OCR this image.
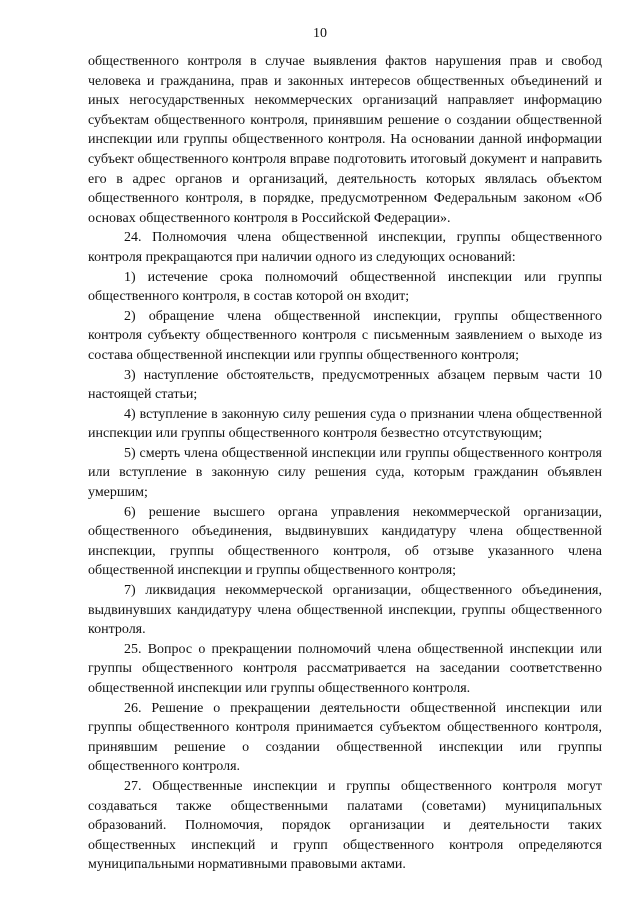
10

общественного контроля в случае выявления фактов нарушения прав и свобод человека и гражданина, прав и законных интересов общественных объединений и иных негосударственных некоммерческих организаций направляет информацию субъектам общественного контроля, принявшим решение о создании общественной инспекции или группы общественного контроля. На основании данной информации субъект общественного контроля вправе подготовить итоговый документ и направить его в адрес органов и организаций, деятельность которых являлась объектом общественного контроля, в порядке, предусмотренном Федеральным законом «Об основах общественного контроля в Российской Федерации».

24. Полномочия члена общественной инспекции, группы общественного контроля прекращаются при наличии одного из следующих оснований:

1) истечение срока полномочий общественной инспекции или группы общественного контроля, в состав которой он входит;

2) обращение члена общественной инспекции, группы общественного контроля субъекту общественного контроля с письменным заявлением о выходе из состава общественной инспекции или группы общественного контроля;

3) наступление обстоятельств, предусмотренных абзацем первым части 10 настоящей статьи;

4) вступление в законную силу решения суда о признании члена общественной инспекции или группы общественного контроля безвестно отсутствующим;

5) смерть члена общественной инспекции или группы общественного контроля или вступление в законную силу решения суда, которым гражданин объявлен умершим;

6) решение высшего органа управления некоммерческой организации, общественного объединения, выдвинувших кандидатуру члена общественной инспекции, группы общественного контроля, об отзыве указанного члена общественной инспекции и группы общественного контроля;

7) ликвидация некоммерческой организации, общественного объединения, выдвинувших кандидатуру члена общественной инспекции, группы общественного контроля.

25. Вопрос о прекращении полномочий члена общественной инспекции или группы общественного контроля рассматривается на заседании соответственно общественной инспекции или группы общественного контроля.

26. Решение о прекращении деятельности общественной инспекции или группы общественного контроля принимается субъектом общественного контроля, принявшим решение о создании общественной инспекции или группы общественного контроля.

27. Общественные инспекции и группы общественного контроля могут создаваться также общественными палатами (советами) муниципальных образований. Полномочия, порядок организации и деятельности таких общественных инспекций и групп общественного контроля определяются муниципальными нормативными правовыми актами.
